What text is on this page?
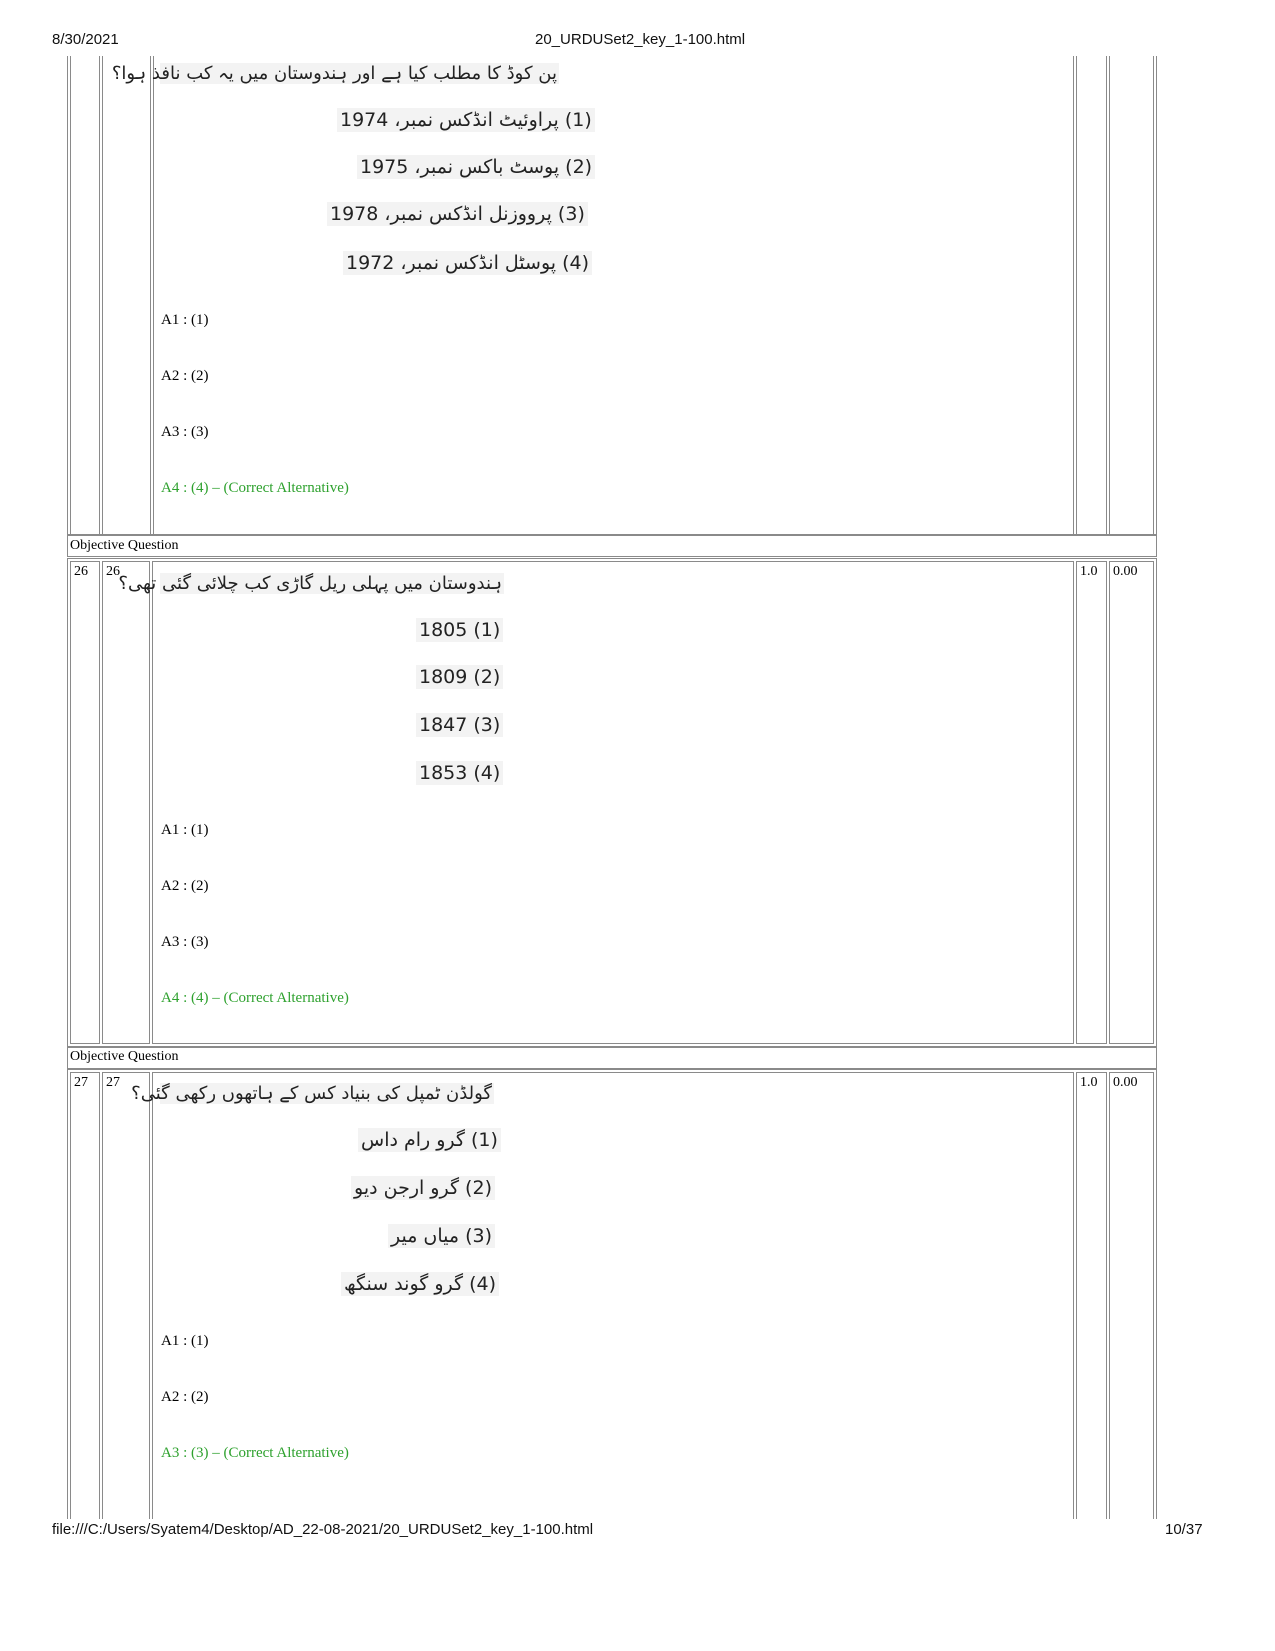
8/30/2021	20_URDUSet2_key_1-100.html
پن کوڈ کا مطلب کیا ہے اور ہندوستان میں یہ کب نافذ ہوا؟
(1) پراوئیٹ انڈکس نمبر، 1974
(2) پوسٹ باکس نمبر، 1975
(3) پرووزنل انڈکس نمبر، 1978
(4) پوسٹل انڈکس نمبر، 1972
A1 : (1)
A2 : (2)
A3 : (3)
A4 : (4) – (Correct Alternative)
Objective Question
26	26	1.0	0.00
ہندوستان میں پہلی ریل گاڑی کب چلائی گئی تھی؟
1805 (1)
1809 (2)
1847 (3)
1853 (4)
A1 : (1)
A2 : (2)
A3 : (3)
A4 : (4) – (Correct Alternative)
Objective Question
27	27	1.0	0.00
گولڈن ٹمپل کی بنیاد کس کے ہاتھوں رکھی گئی؟
(1) گرو رام داس
(2) گرو ارجن دیو
(3) میاں میر
(4) گرو گوند سنگھ
A1 : (1)
A2 : (2)
A3 : (3) – (Correct Alternative)
file:///C:/Users/Syatem4/Desktop/AD_22-08-2021/20_URDUSet2_key_1-100.html	10/37
